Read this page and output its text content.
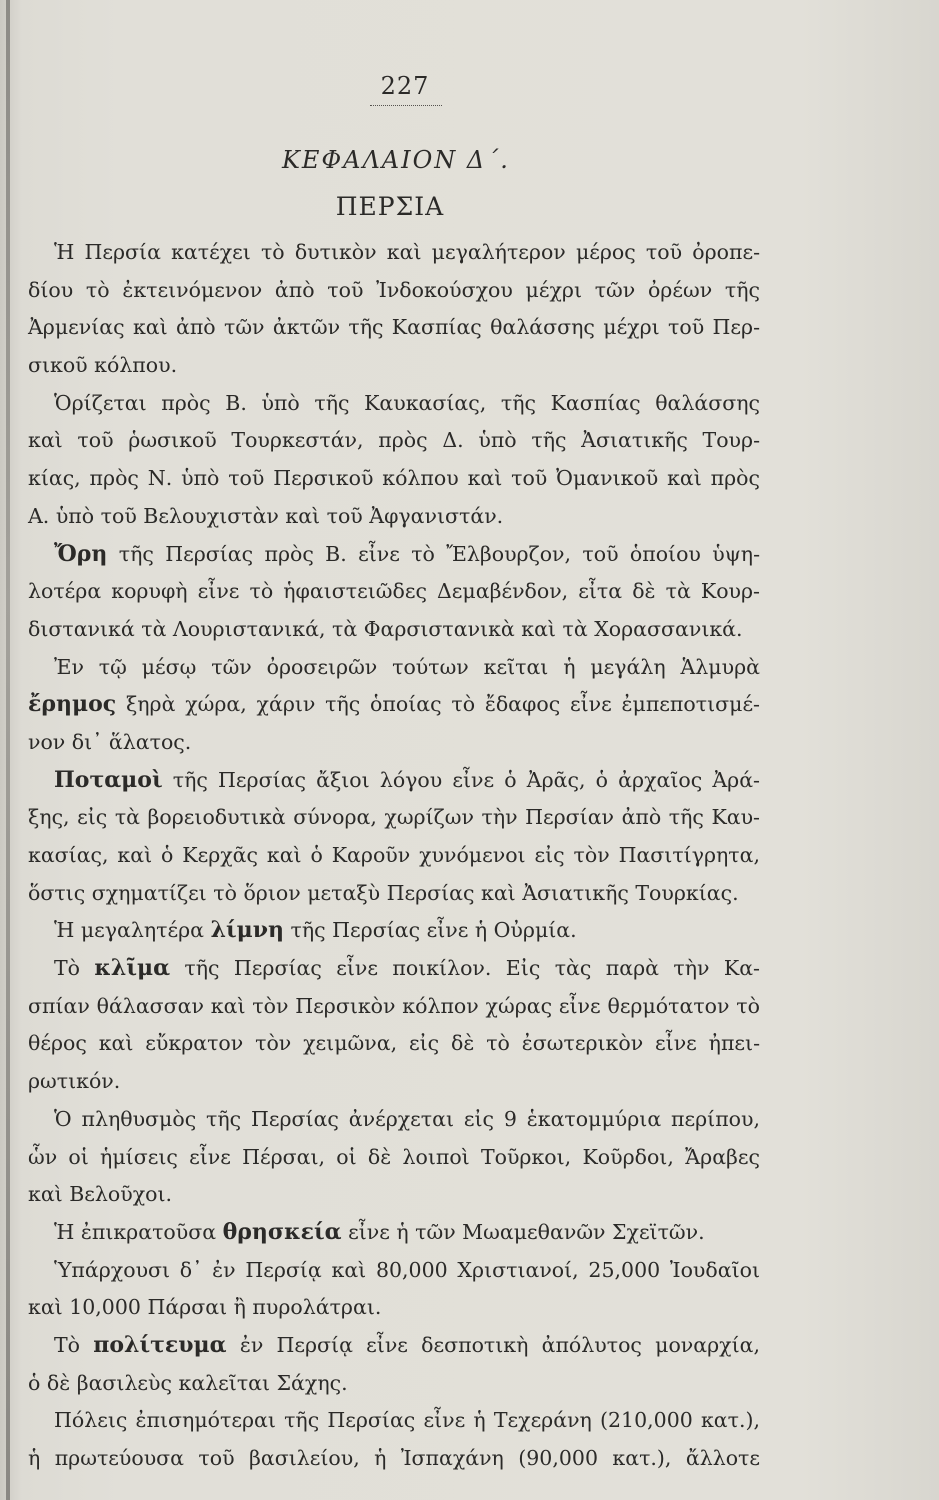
227
ΚΕΦΑΛΑΙΟΝ Δ΄.
ΠΕΡΣΙΑ
Ἡ Περσία κατέχει τὸ δυτικὸν καὶ μεγαλήτερον μέρος τοῦ ὀροπε-
δίου τὸ ἐκτεινόμενον ἀπὸ τοῦ Ἰνδοκούσχου μέχρι τῶν ὀρέων τῆς
Ἀρμενίας καὶ ἀπὸ τῶν ἀκτῶν τῆς Κασπίας θαλάσσης μέχρι τοῦ Περ-
σικοῦ κόλπου.
Ὁρίζεται πρὸς Β. ὑπὸ τῆς Καυκασίας, τῆς Κασπίας θαλάσσης
καὶ τοῦ ῥωσικοῦ Τουρκεστάν, πρὸς Δ. ὑπὸ τῆς Ἀσιατικῆς Τουρ-
κίας, πρὸς Ν. ὑπὸ τοῦ Περσικοῦ κόλπου καὶ τοῦ Ὀμανικοῦ καὶ πρὸς
Α. ὑπὸ τοῦ Βελουχιστὰν καὶ τοῦ Ἀφγανιστάν.
Ὄρη τῆς Περσίας πρὸς Β. εἶνε τὸ Ἔλβουρζον, τοῦ ὁποίου ὑψη-
λοτέρα κορυφὴ εἶνε τὸ ἡφαιστειῶδες Δεμαβένδον, εἶτα δὲ τὰ Κουρ-
διστανικά τὰ Λουριστανικά, τὰ Φαρσιστανικὰ καὶ τὰ Χορασσανικά.
Ἐν τῷ μέσῳ τῶν ὀροσειρῶν τούτων κεῖται ἡ μεγάλη Ἁλμυρὰ
ἔρημος ξηρὰ χώρα, χάριν τῆς ὁποίας τὸ ἔδαφος εἶνε ἐμπεποτισμέ-
νον δι᾽ ἅλατος.
Ποταμοὶ τῆς Περσίας ἄξιοι λόγου εἶνε ὁ Ἀρᾶς, ὁ ἀρχαῖος Ἀρά-
ξης, εἰς τὰ βορειοδυτικὰ σύνορα, χωρίζων τὴν Περσίαν ἀπὸ τῆς Καυ-
κασίας, καὶ ὁ Κερχᾶς καὶ ὁ Καροῦν χυνόμενοι εἰς τὸν Πασιτίγρητα,
ὅστις σχηματίζει τὸ ὅριον μεταξὺ Περσίας καὶ Ἀσιατικῆς Τουρκίας.
Ἡ μεγαλητέρα λίμνη τῆς Περσίας εἶνε ἡ Οὐρμία.
Τὸ κλῖμα τῆς Περσίας εἶνε ποικίλον. Εἰς τὰς παρὰ τὴν Κα-
σπίαν θάλασσαν καὶ τὸν Περσικὸν κόλπον χώρας εἶνε θερμότατον τὸ
θέρος καὶ εὔκρατον τὸν χειμῶνα, εἰς δὲ τὸ ἐσωτερικὸν εἶνε ἠπει-
ρωτικόν.
Ὁ πληθυσμὸς τῆς Περσίας ἀνέρχεται εἰς 9 ἑκατομμύρια περίπου,
ὧν οἱ ἡμίσεις εἶνε Πέρσαι, οἱ δὲ λοιποὶ Τοῦρκοι, Κοῦρδοι, Ἄραβες
καὶ Βελοῦχοι.
Ἡ ἐπικρατοῦσα θρησκεία εἶνε ἡ τῶν Μωαμεθανῶν Σχεϊτῶν.
Ὑπάρχουσι δ᾽ ἐν Περσίᾳ καὶ 80,000 Χριστιανοί, 25,000 Ἰουδαῖοι
καὶ 10,000 Πάρσαι ἢ πυρολάτραι.
Τὸ πολίτευμα ἐν Περσίᾳ εἶνε δεσποτικὴ ἀπόλυτος μοναρχία,
ὁ δὲ βασιλεὺς καλεῖται Σάχης.
Πόλεις ἐπισημότεραι τῆς Περσίας εἶνε ἡ Τεχεράνη (210,000 κατ.),
ἡ πρωτεύουσα τοῦ βασιλείου, ἡ Ἰσπαχάνη (90,000 κατ.), ἄλλοτε
